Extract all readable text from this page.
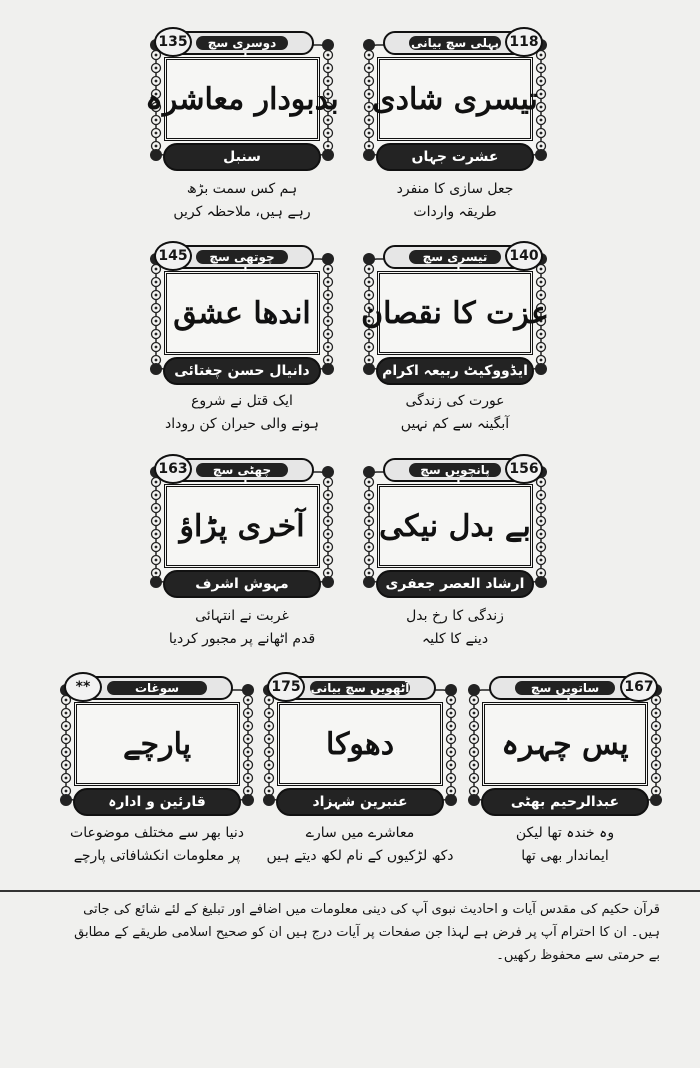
پہلی سچ بیانی 118
تیسری شادی
عشرت جہاں
جعل سازی کا منفرد
طریقہ واردات
دوسری سچ
135
بدبودار معاشرہ
سنبل
ہم کس سمت بڑھ
رہے ہیں، ملاحظہ کریں
تیسری سچ	140
عزت کا نقصان
ایڈووکیٹ ربیعہ اکرام
عورت کی زندگی
آبگینہ سے کم نہیں
چوتھی سچ
145
اندھا عشق
دانیال حسن چغتائی
ایک قتل نے شروع
ہونے والی حیران کن روداد
پانچویں سچ	156
بے بدل نیکی
ارشاد العصر جعفری
زندگی کا رخ بدل
دینے کا کلیہ
چھٹی سچ
163
آخری پڑاؤ
مہوش اشرف
غربت نے انتہائی
قدم اٹھانے پر مجبور کردیا
ساتویں سچ	167
پس چہرہ
عبدالرحیم بھٹی
وہ خندہ تھا لیکن
ایماندار بھی تھا
آٹھویں سچ بیانی
175
دھوکا
عنبرین شہزاد
معاشرے میں سارے
دکھ لڑکیوں کے نام لکھ دیتے ہیں
سوغات
**
پارچے
قارئین و ادارہ
دنیا بھر سے مختلف موضوعات
پر معلومات انکشافاتی پارچے
قرآن حکیم کی مقدس آیات و احادیث نبوی آپ کی دینی معلومات میں اضافے اور تبلیغ کے لئے شائع کی جاتی ہیں۔ ان کا احترام آپ پر فرض ہے لہذا جن صفحات پر آیات درج ہیں ان کو صحیح اسلامی طریقے کے مطابق بے حرمتی سے محفوظ رکھیں۔
